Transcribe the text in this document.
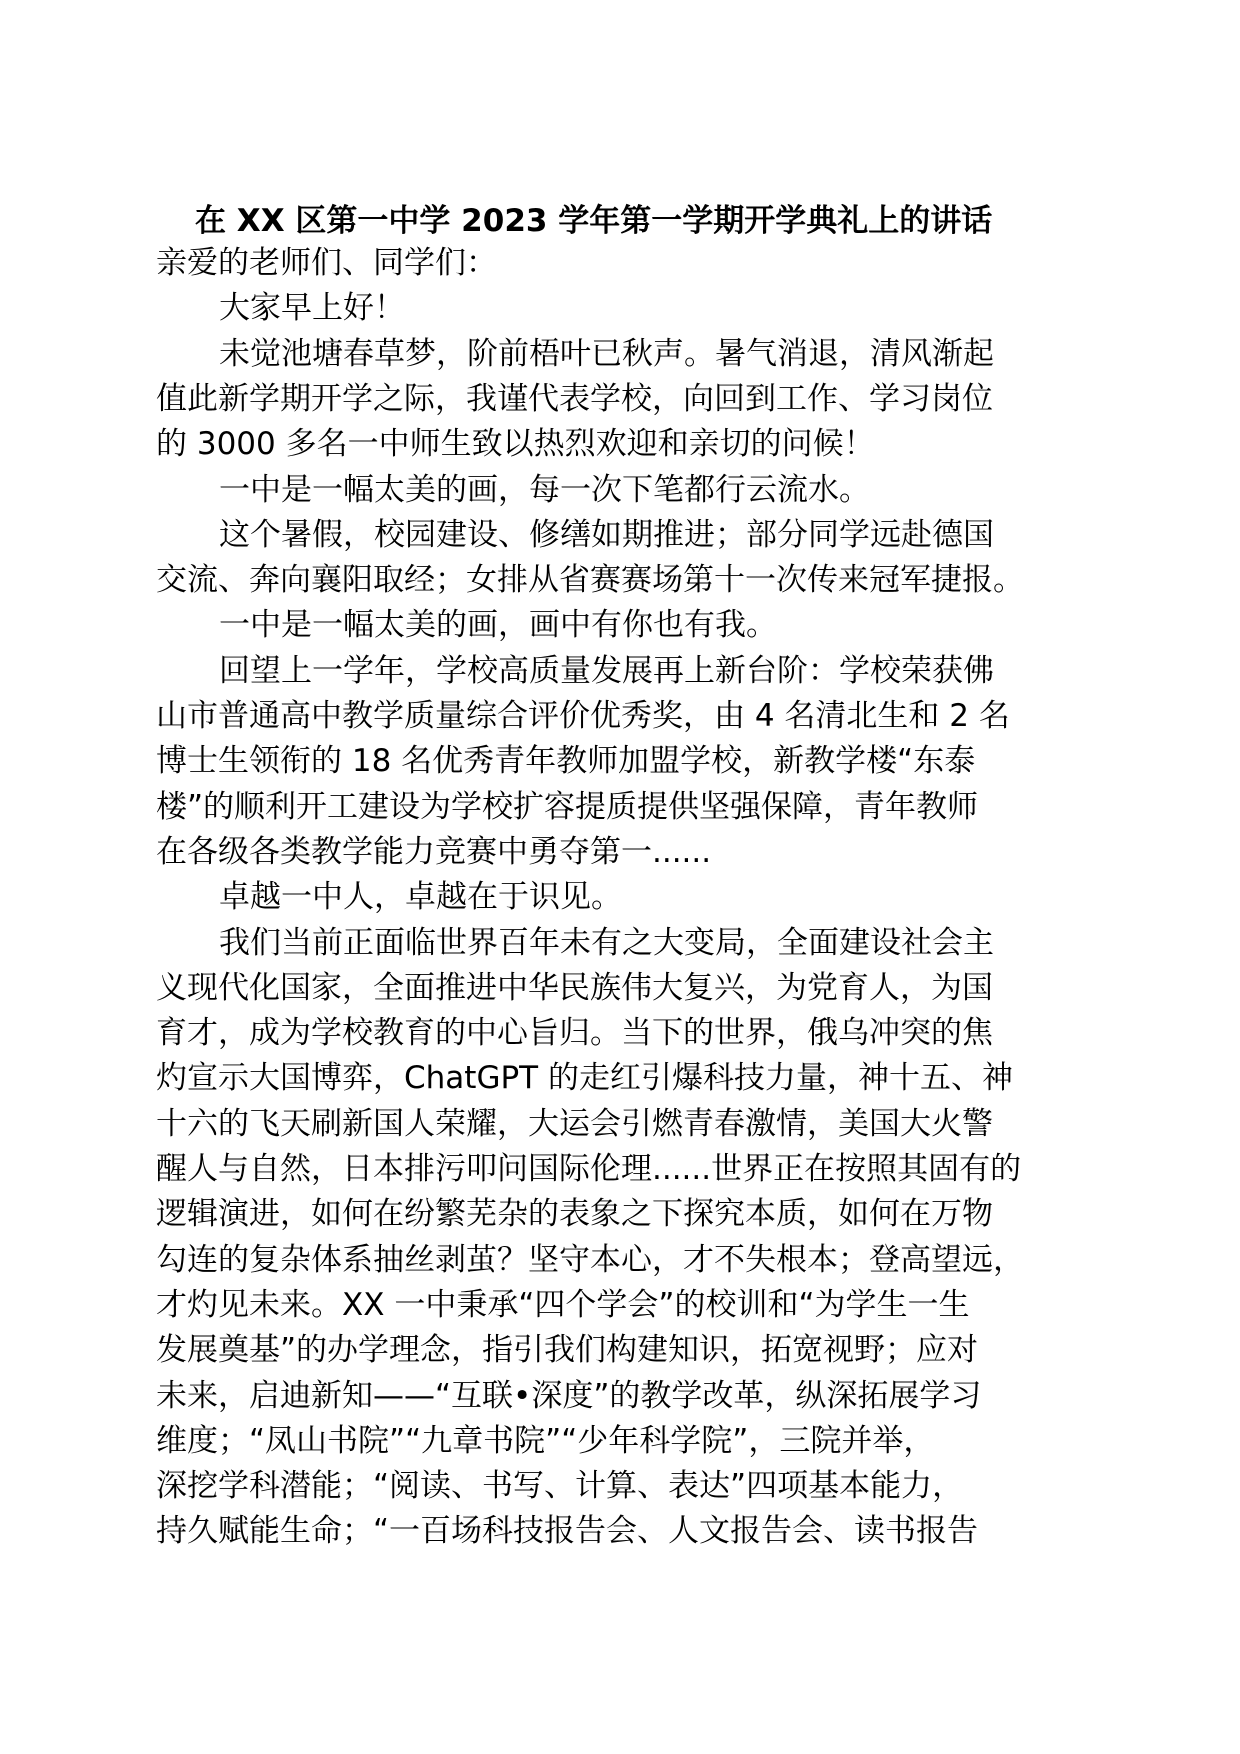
在 XX 区第一中学 2023 学年第一学期开学典礼上的讲话

亲爱的老师们、同学们：

大家早上好！

未觉池塘春草梦，阶前梧叶已秋声。暑气消退，清风渐起

值此新学期开学之际，我谨代表学校，向回到工作、学习岗位

的 3000 多名一中师生致以热烈欢迎和亲切的问候！

一中是一幅太美的画，每一次下笔都行云流水。

这个暑假，校园建设、修缮如期推进；部分同学远赴德国

交流、奔向襄阳取经；女排从省赛赛场第十一次传来冠军捷报。

一中是一幅太美的画，画中有你也有我。

回望上一学年，学校高质量发展再上新台阶：学校荣获佛

山市普通高中教学质量综合评价优秀奖，由 4 名清北生和 2 名

博士生领衔的 18 名优秀青年教师加盟学校，新教学楼“东泰

楼”的顺利开工建设为学校扩容提质提供坚强保障，青年教师

在各级各类教学能力竞赛中勇夺第一......

卓越一中人，卓越在于识见。

我们当前正面临世界百年未有之大变局，全面建设社会主

义现代化国家，全面推进中华民族伟大复兴，为党育人，为国

育才，成为学校教育的中心旨归。当下的世界，俄乌冲突的焦

灼宣示大国博弈，ChatGPT 的走红引爆科技力量，神十五、神

十六的飞天刷新国人荣耀，大运会引燃青春激情，美国大火警

醒人与自然，日本排污叩问国际伦理......世界正在按照其固有的

逻辑演进，如何在纷繁芜杂的表象之下探究本质，如何在万物

勾连的复杂体系抽丝剥茧？坚守本心，才不失根本；登高望远，

才灼见未来。XX 一中秉承“四个学会”的校训和“为学生一生

发展奠基”的办学理念，指引我们构建知识，拓宽视野；应对

未来，启迪新知——“互联•深度”的教学改革，纵深拓展学习

维度；“凤山书院”“九章书院”“少年科学院”，三院并举，

深挖学科潜能；“阅读、书写、计算、表达”四项基本能力，

持久赋能生命；“一百场科技报告会、人文报告会、读书报告
